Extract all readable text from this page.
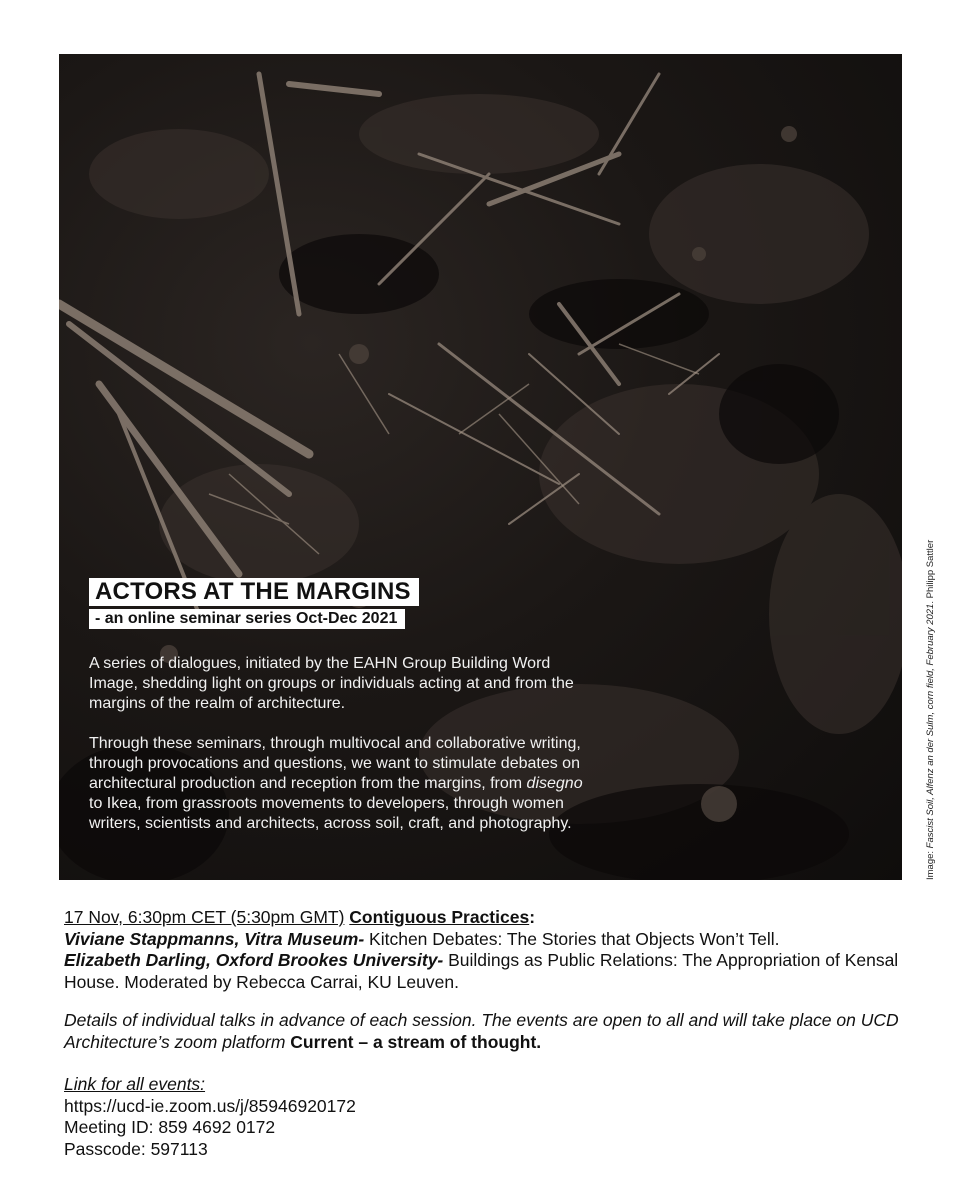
ACTORS AT THE MARGINS
- an online seminar series Oct-Dec 2021

A series of dialogues, initiated by the EAHN Group Building Word Image, shedding light on groups or individuals acting at and from the margins of the realm of architecture.

Through these seminars, through multivocal and collaborative writing, through provocations and questions, we want to stimulate debates on architectural production and reception from the margins, from disegno to Ikea, from grassroots movements to developers, through women writers, scientists and architects, across soil, craft, and photography.

Image: Fascist Soil, Alfenz an der Sulm, corn field, February 2021. Philipp Sattler
17 Nov, 6:30pm CET (5:30pm GMT) Contiguous Practices:
Viviane Stappmanns, Vitra Museum- Kitchen Debates: The Stories that Objects Won’t Tell.
Elizabeth Darling, Oxford Brookes University- Buildings as Public Relations: The Appropriation of Kensal House. Moderated by Rebecca Carrai, KU Leuven.
Details of individual talks in advance of each session. The events are open to all and will take place on UCD Architecture’s zoom platform Current – a stream of thought.
Link for all events:
https://ucd-ie.zoom.us/j/85946920172
Meeting ID: 859 4692 0172
Passcode: 597113
